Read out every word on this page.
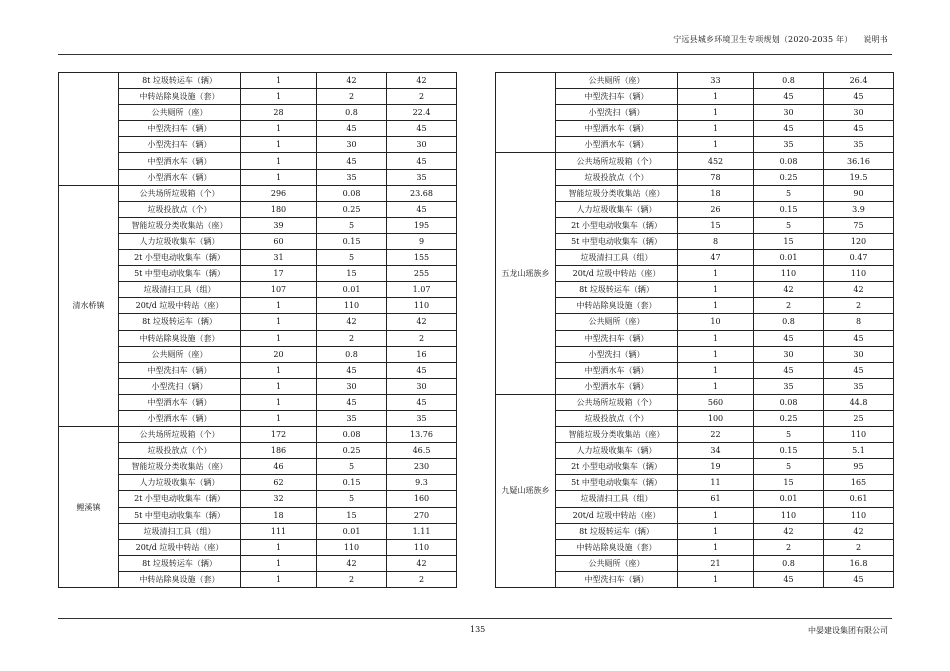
宁远县城乡环境卫生专项规划（2020-2035 年） 说明书
	8t 垃圾转运车（辆）	1	42	42
	中转站除臭设施（套）	1	2	2
	公共厕所（座）	28	0.8	22.4
	中型洗扫车（辆）	1	45	45
	小型洗扫车（辆）	1	30	30
	中型洒水车（辆）	1	45	45
	小型洒水车（辆）	1	35	35
清水桥镇	公共场所垃圾箱（个）	296	0.08	23.68
	垃圾投放点（个）	180	0.25	45
	智能垃圾分类收集站（座）	39	5	195
	人力垃圾收集车（辆）	60	0.15	9
	2t 小型电动收集车（辆）	31	5	155
	5t 中型电动收集车（辆）	17	15	255
	垃圾清扫工具（组）	107	0.01	1.07
	20t/d 垃圾中转站（座）	1	110	110
	8t 垃圾转运车（辆）	1	42	42
	中转站除臭设施（套）	1	2	2
	公共厕所（座）	20	0.8	16
	中型洗扫车（辆）	1	45	45
	小型洗扫（辆）	1	30	30
	中型洒水车（辆）	1	45	45
	小型洒水车（辆）	1	35	35
鲤溪镇	公共场所垃圾箱（个）	172	0.08	13.76
	垃圾投放点（个）	186	0.25	46.5
	智能垃圾分类收集站（座）	46	5	230
	人力垃圾收集车（辆）	62	0.15	9.3
	2t 小型电动收集车（辆）	32	5	160
	5t 中型电动收集车（辆）	18	15	270
	垃圾清扫工具（组）	111	0.01	1.11
	20t/d 垃圾中转站（座）	1	110	110
	8t 垃圾转运车（辆）	1	42	42
	中转站除臭设施（套）	1	2	2
	公共厕所（座）	33	0.8	26.4
	中型洗扫车（辆）	1	45	45
	小型洗扫（辆）	1	30	30
	中型洒水车（辆）	1	45	45
	小型洒水车（辆）	1	35	35
五龙山瑶族乡	公共场所垃圾箱（个）	452	0.08	36.16
	垃圾投放点（个）	78	0.25	19.5
	智能垃圾分类收集站（座）	18	5	90
	人力垃圾收集车（辆）	26	0.15	3.9
	2t 小型电动收集车（辆）	15	5	75
	5t 中型电动收集车（辆）	8	15	120
	垃圾清扫工具（组）	47	0.01	0.47
	20t/d 垃圾中转站（座）	1	110	110
	8t 垃圾转运车（辆）	1	42	42
	中转站除臭设施（套）	1	2	2
	公共厕所（座）	10	0.8	8
	中型洗扫车（辆）	1	45	45
	小型洗扫（辆）	1	30	30
	中型洒水车（辆）	1	45	45
	小型洒水车（辆）	1	35	35
九疑山瑶族乡	公共场所垃圾箱（个）	560	0.08	44.8
	垃圾投放点（个）	100	0.25	25
	智能垃圾分类收集站（座）	22	5	110
	人力垃圾收集车（辆）	34	0.15	5.1
	2t 小型电动收集车（辆）	19	5	95
	5t 中型电动收集车（辆）	11	15	165
	垃圾清扫工具（组）	61	0.01	0.61
	20t/d 垃圾中转站（座）	1	110	110
	8t 垃圾转运车（辆）	1	42	42
	中转站除臭设施（套）	1	2	2
	公共厕所（座）	21	0.8	16.8
	中型洗扫车（辆）	1	45	45
135	中晏建设集团有限公司
